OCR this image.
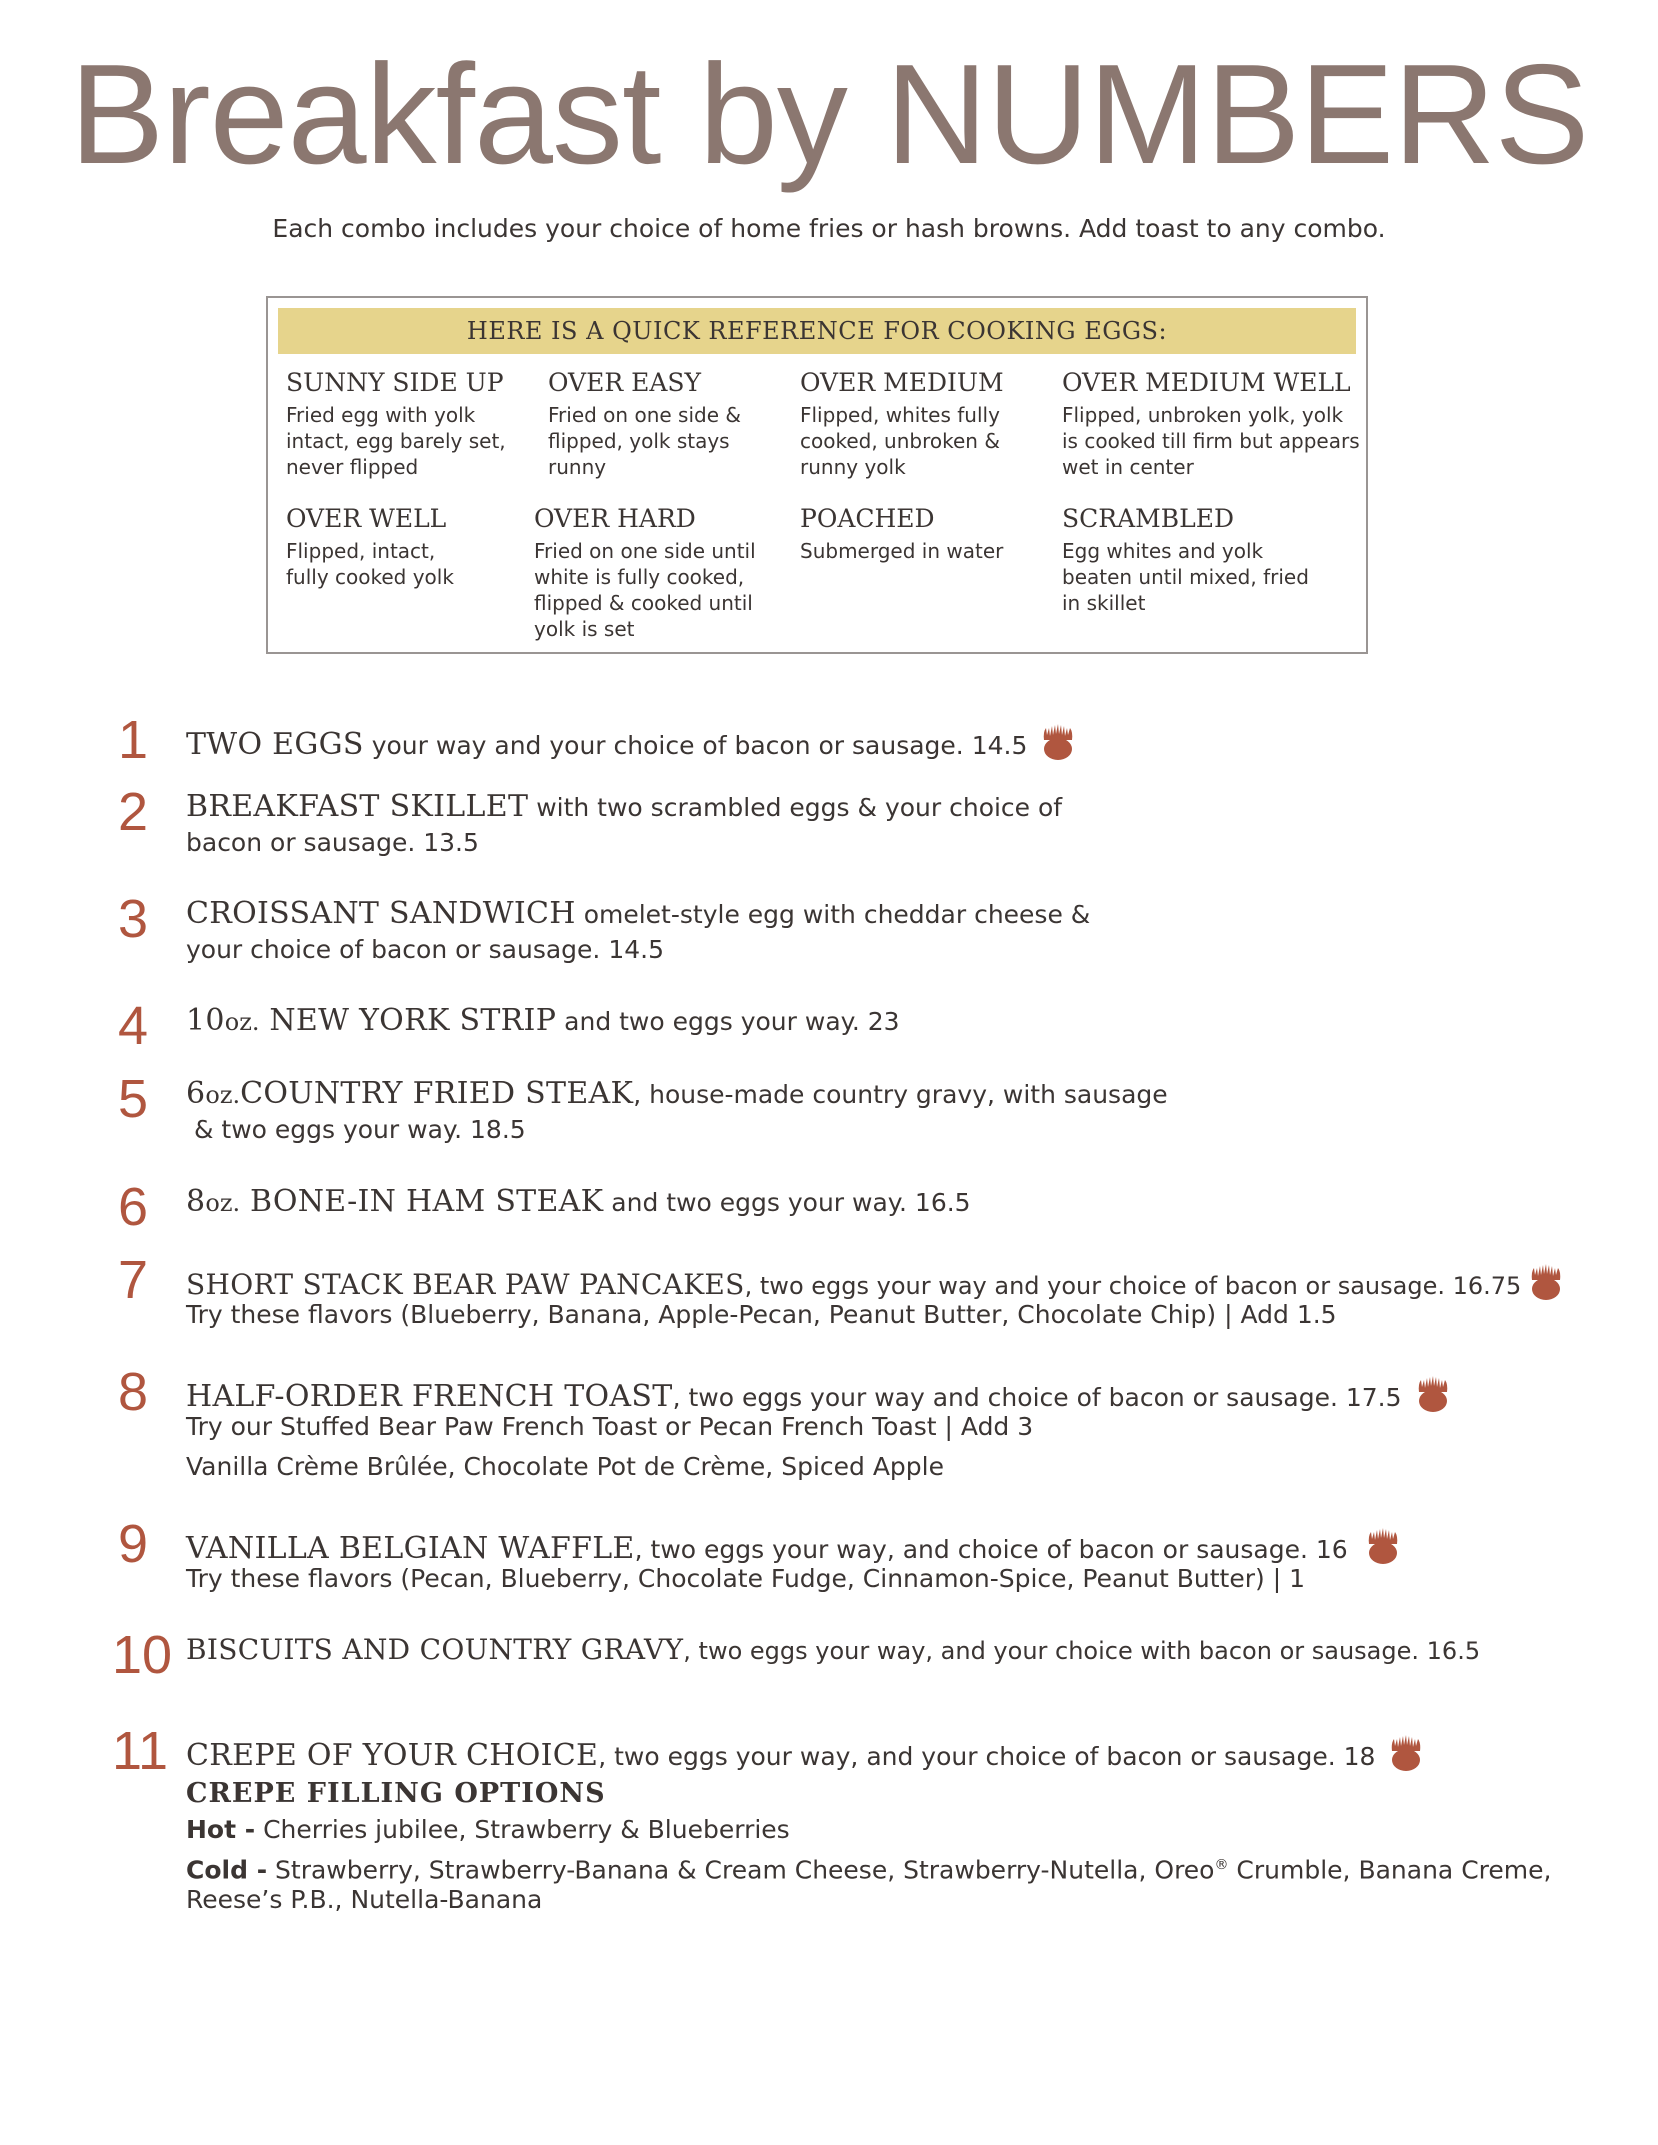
Breakfast by NUMBERS
Each combo includes your choice of home fries or hash browns. Add toast to any combo.
HERE IS A QUICK REFERENCE FOR COOKING EGGS:
SUNNY SIDE UP
Fried egg with yolk
intact, egg barely set,
never flipped
OVER EASY
Fried on one side &
flipped, yolk stays
runny
OVER MEDIUM
Flipped, whites fully
cooked, unbroken &
runny yolk
OVER MEDIUM WELL
Flipped, unbroken yolk, yolk
is cooked till firm but appears
wet in center
OVER WELL
Flipped, intact,
fully cooked yolk
OVER HARD
Fried on one side until
white is fully cooked,
flipped & cooked until
yolk is set
POACHED
Submerged in water
SCRAMBLED
Egg whites and yolk
beaten until mixed, fried
in skillet
1	TWO EGGS your way and your choice of bacon or sausage. 14.5
2	BREAKFAST SKILLET with two scrambled eggs & your choice of
bacon or sausage. 13.5
3	CROISSANT SANDWICH omelet-style egg with cheddar cheese &
your choice of bacon or sausage. 14.5
4	10oz. NEW YORK STRIP and two eggs your way. 23
5	6oz.COUNTRY FRIED STEAK, house-made country gravy, with sausage
& two eggs your way. 18.5
6	8oz. BONE-IN HAM STEAK and two eggs your way. 16.5
7	SHORT STACK BEAR PAW PANCAKES, two eggs your way and your choice of bacon or sausage. 16.75
Try these flavors (Blueberry, Banana, Apple-Pecan, Peanut Butter, Chocolate Chip) | Add 1.5
8	HALF-ORDER FRENCH TOAST, two eggs your way and choice of bacon or sausage. 17.5
Try our Stuffed Bear Paw French Toast or Pecan French Toast | Add 3
Vanilla Crème Brûlée, Chocolate Pot de Crème, Spiced Apple
9	VANILLA BELGIAN WAFFLE, two eggs your way, and choice of bacon or sausage. 16
Try these flavors (Pecan, Blueberry, Chocolate Fudge, Cinnamon-Spice, Peanut Butter) | 1
10 BISCUITS AND COUNTRY GRAVY, two eggs your way, and your choice with bacon or sausage. 16.5
11 CREPE OF YOUR CHOICE, two eggs your way, and your choice of bacon or sausage. 18
CREPE FILLING OPTIONS
Hot - Cherries jubilee, Strawberry & Blueberries
Cold - Strawberry, Strawberry-Banana & Cream Cheese, Strawberry-Nutella, Oreo® Crumble, Banana Creme,
Reese’s P.B., Nutella-Banana
